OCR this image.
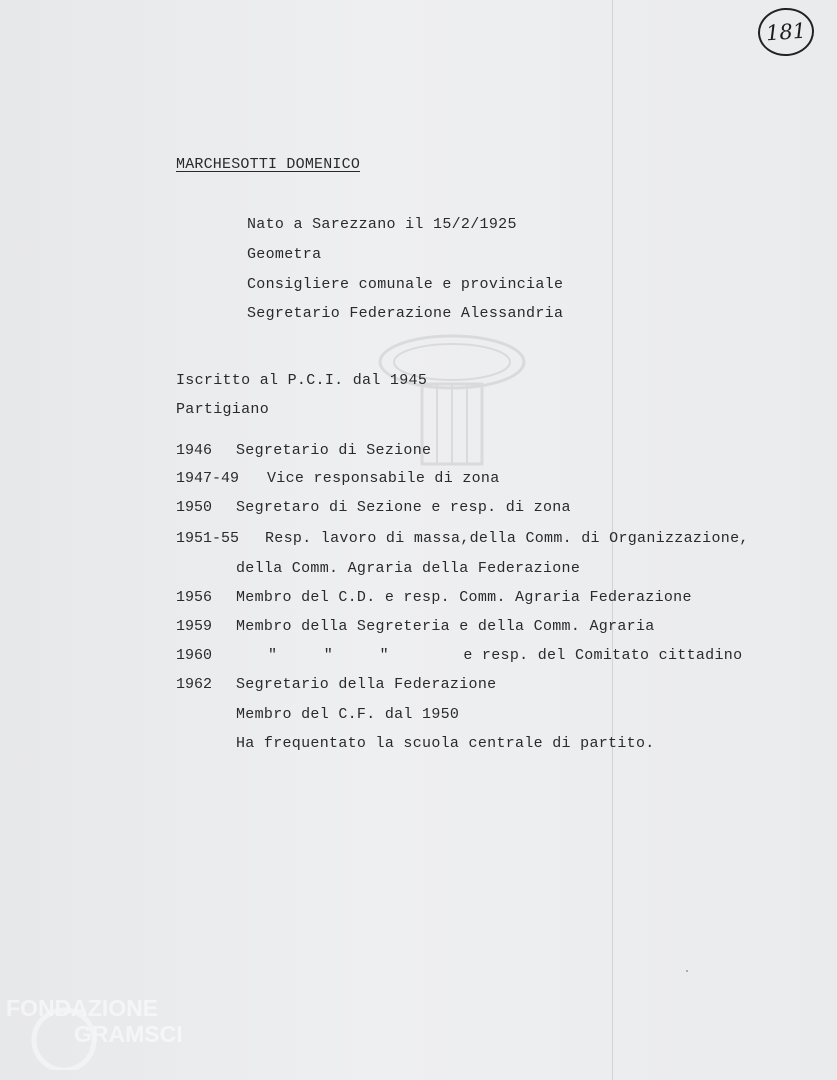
181
MARCHESOTTI DOMENICO
Nato a Sarezzano il 15/2/1925
Geometra
Consigliere comunale e provinciale
Segretario Federazione Alessandria
Iscritto al P.C.I. dal 1945
Partigiano
1946 Segretario di Sezione
1947-49 Vice responsabile di zona
1950 Segretaro di Sezione e resp. di zona
1951-55 Resp. lavoro di massa,della Comm. di Organizzazione,
della Comm. Agraria della Federazione
1956 Membro del C.D. e resp. Comm. Agraria Federazione
1959 Membro della Segreteria e della Comm. Agraria
1960	"     "     "        e resp. del Comitato cittadino
1962 Segretario della Federazione
Membro del C.F. dal 1950
Ha frequentato la scuola centrale di partito.
FONDAZIONE
GRAMSCI
